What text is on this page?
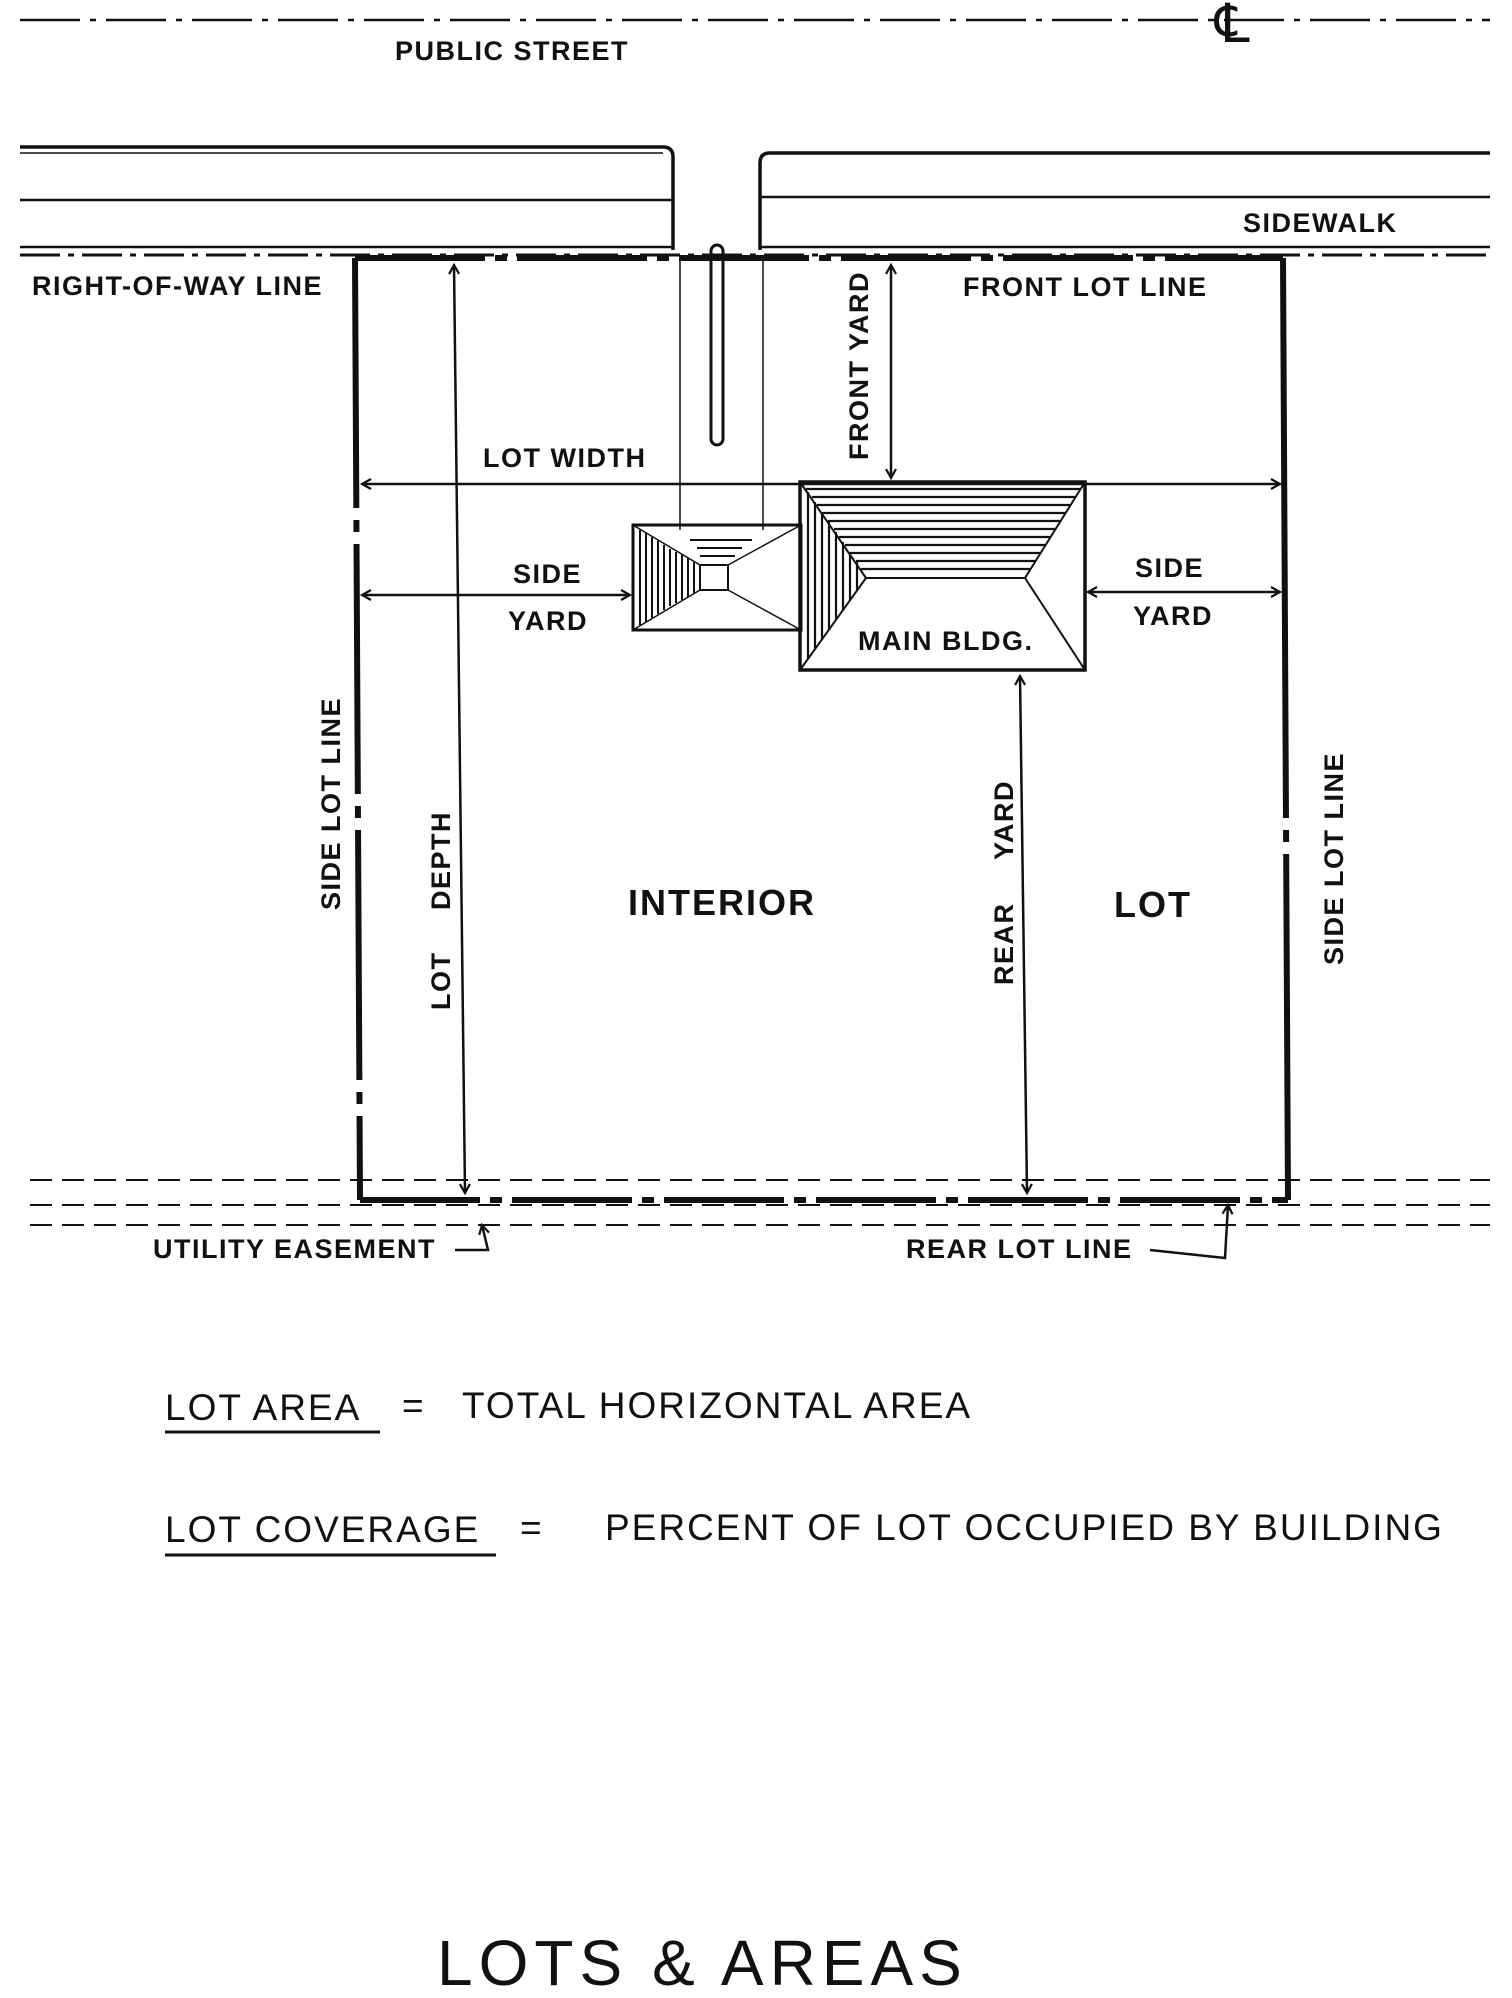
℄
PUBLIC STREET
SIDEWALK
RIGHT-OF-WAY LINE	FRONT LOT LINE
UTILITY EASEMENT	REAR LOT LINE
SIDE LOT LINE	SIDE LOT LINE
LOT WIDTH
LOT
DEPTH
FRONT YARD
SIDE
YARD
SIDE
YARD
MAIN BLDG.
REAR
YARD
INTERIOR	LOT
LOT AREA = TOTAL HORIZONTAL AREA
LOT COVERAGE = PERCENT OF LOT OCCUPIED BY BUILDING
LOTS & AREAS
